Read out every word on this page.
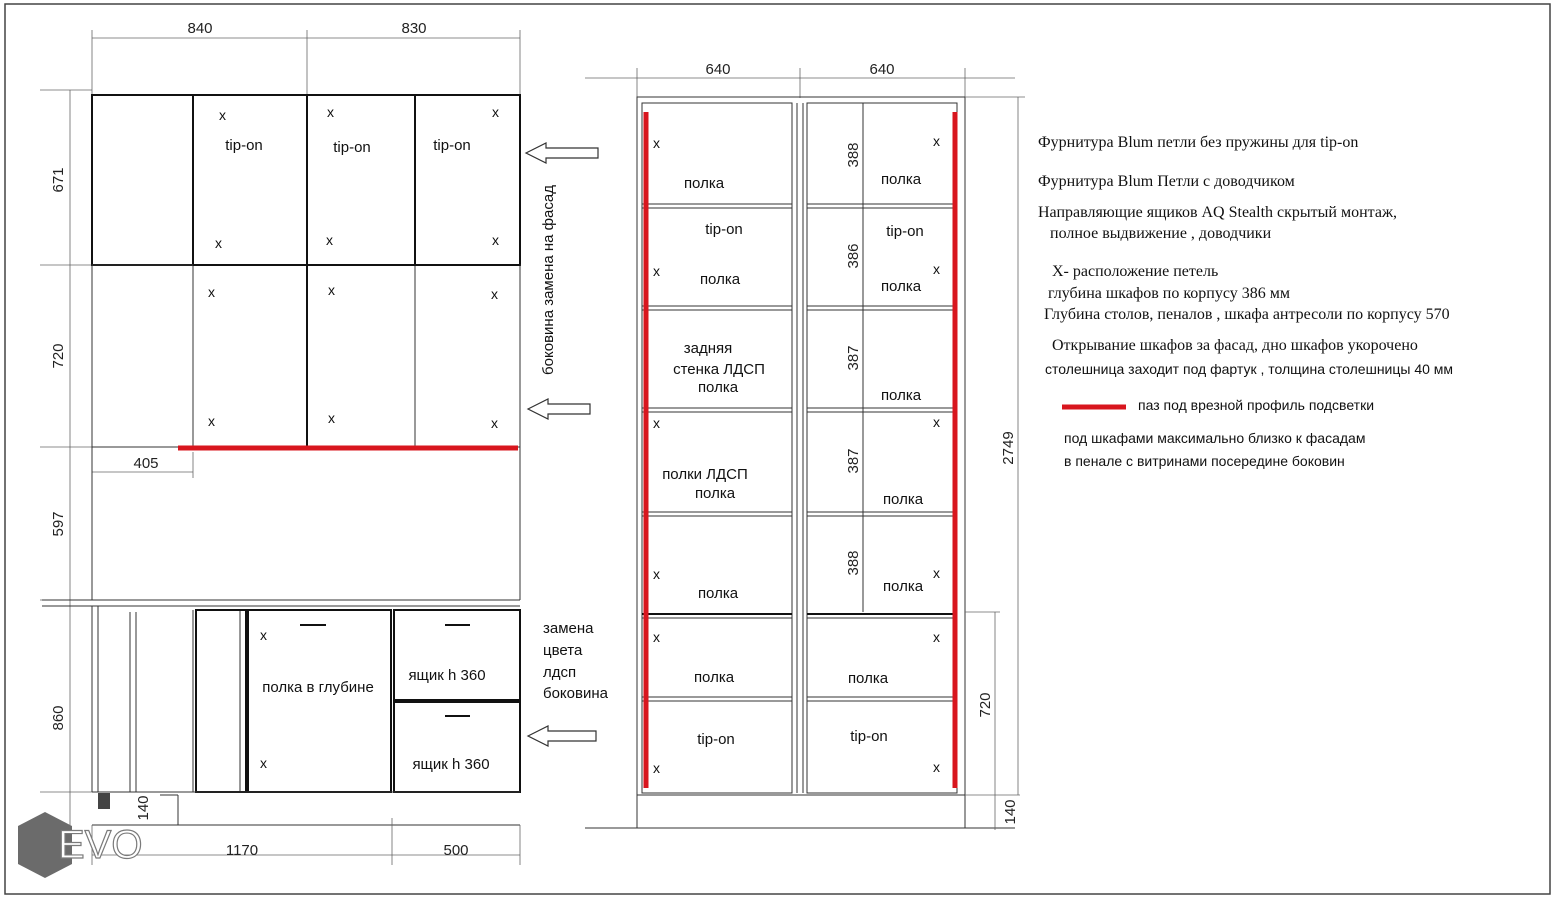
840	830
671
720
597
860
140
405
1170	500
tip-on	tip-on	tip-on
полка в глубине
ящик h 360
ящик h 360
x
x
x
x
x
x
x
x
x
x
x
x
x
x
боковина замена на фасад
замена
цвета
лдсп
боковина
640	640
388
386
387
387
388
2749
720
140
полка
tip-on
полка
задняя
стенка ЛДСП
полка
полки ЛДСП
полка
полка
полка
tip-on
полка
tip-on
полка
полка
полка
полка
полка
tip-on
x
x
x
x
x
x
x
x
x
x
x
x
Фурнитура Blum петли без пружины для tip-on
Фурнитура Blum Петли с доводчиком
Направляющие ящиков AQ Stealth скрытый монтаж,
полное выдвижение , доводчики
X- расположение петель
глубина шкафов по корпусу 386 мм
Глубина столов, пеналов , шкафа антресоли по корпусу 570
Открывание шкафов за фасад, дно шкафов укорочено
столешница заходит под фартук , толщина столешницы 40 мм
паз под врезной профиль подсветки
под шкафами максимально близко к фасадам
в пенале с витринами посередине боковин
EVO
